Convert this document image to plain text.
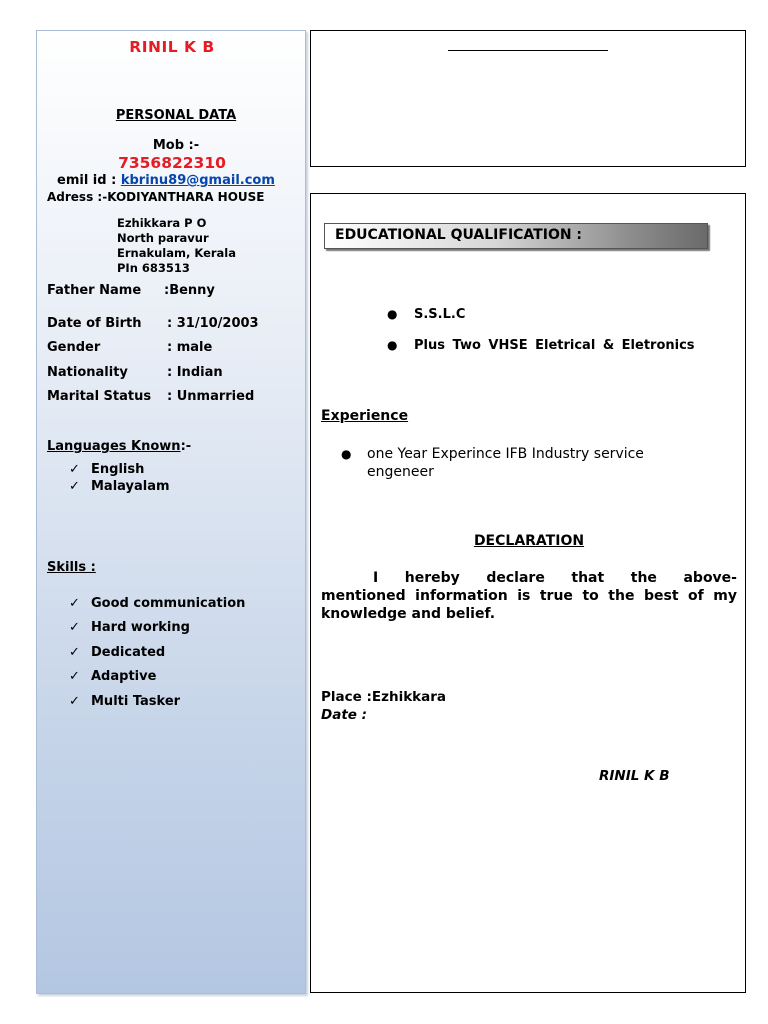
RINIL K B
PERSONAL DATA
Mob :-
7356822310
emil id : kbrinu89@gmail.com
Adress :-KODIYANTHARA HOUSE
Ezhikkara P O
North paravur
Ernakulam, Kerala
PIn 683513
Father Name :Benny
Date of Birth : 31/10/2003
Gender	: male
Nationality	: Indian
Marital Status : Unmarried
Languages Known:-
✓ English
✓ Malayalam
Skills :
✓ Good communication
✓ Hard working
✓ Dedicated
✓ Adaptive
✓ Multi Tasker
EDUCATIONAL QUALIFICATION :
● S.S.L.C
● Plus Two VHSE Eletrical & Eletronics
Experience
● one Year Experince IFB Industry service
engeneer
DECLARATION
I hereby declare that the above-
mentioned information is true to the best of my
knowledge and belief.
Place :Ezhikkara
Date :
RINIL K B
